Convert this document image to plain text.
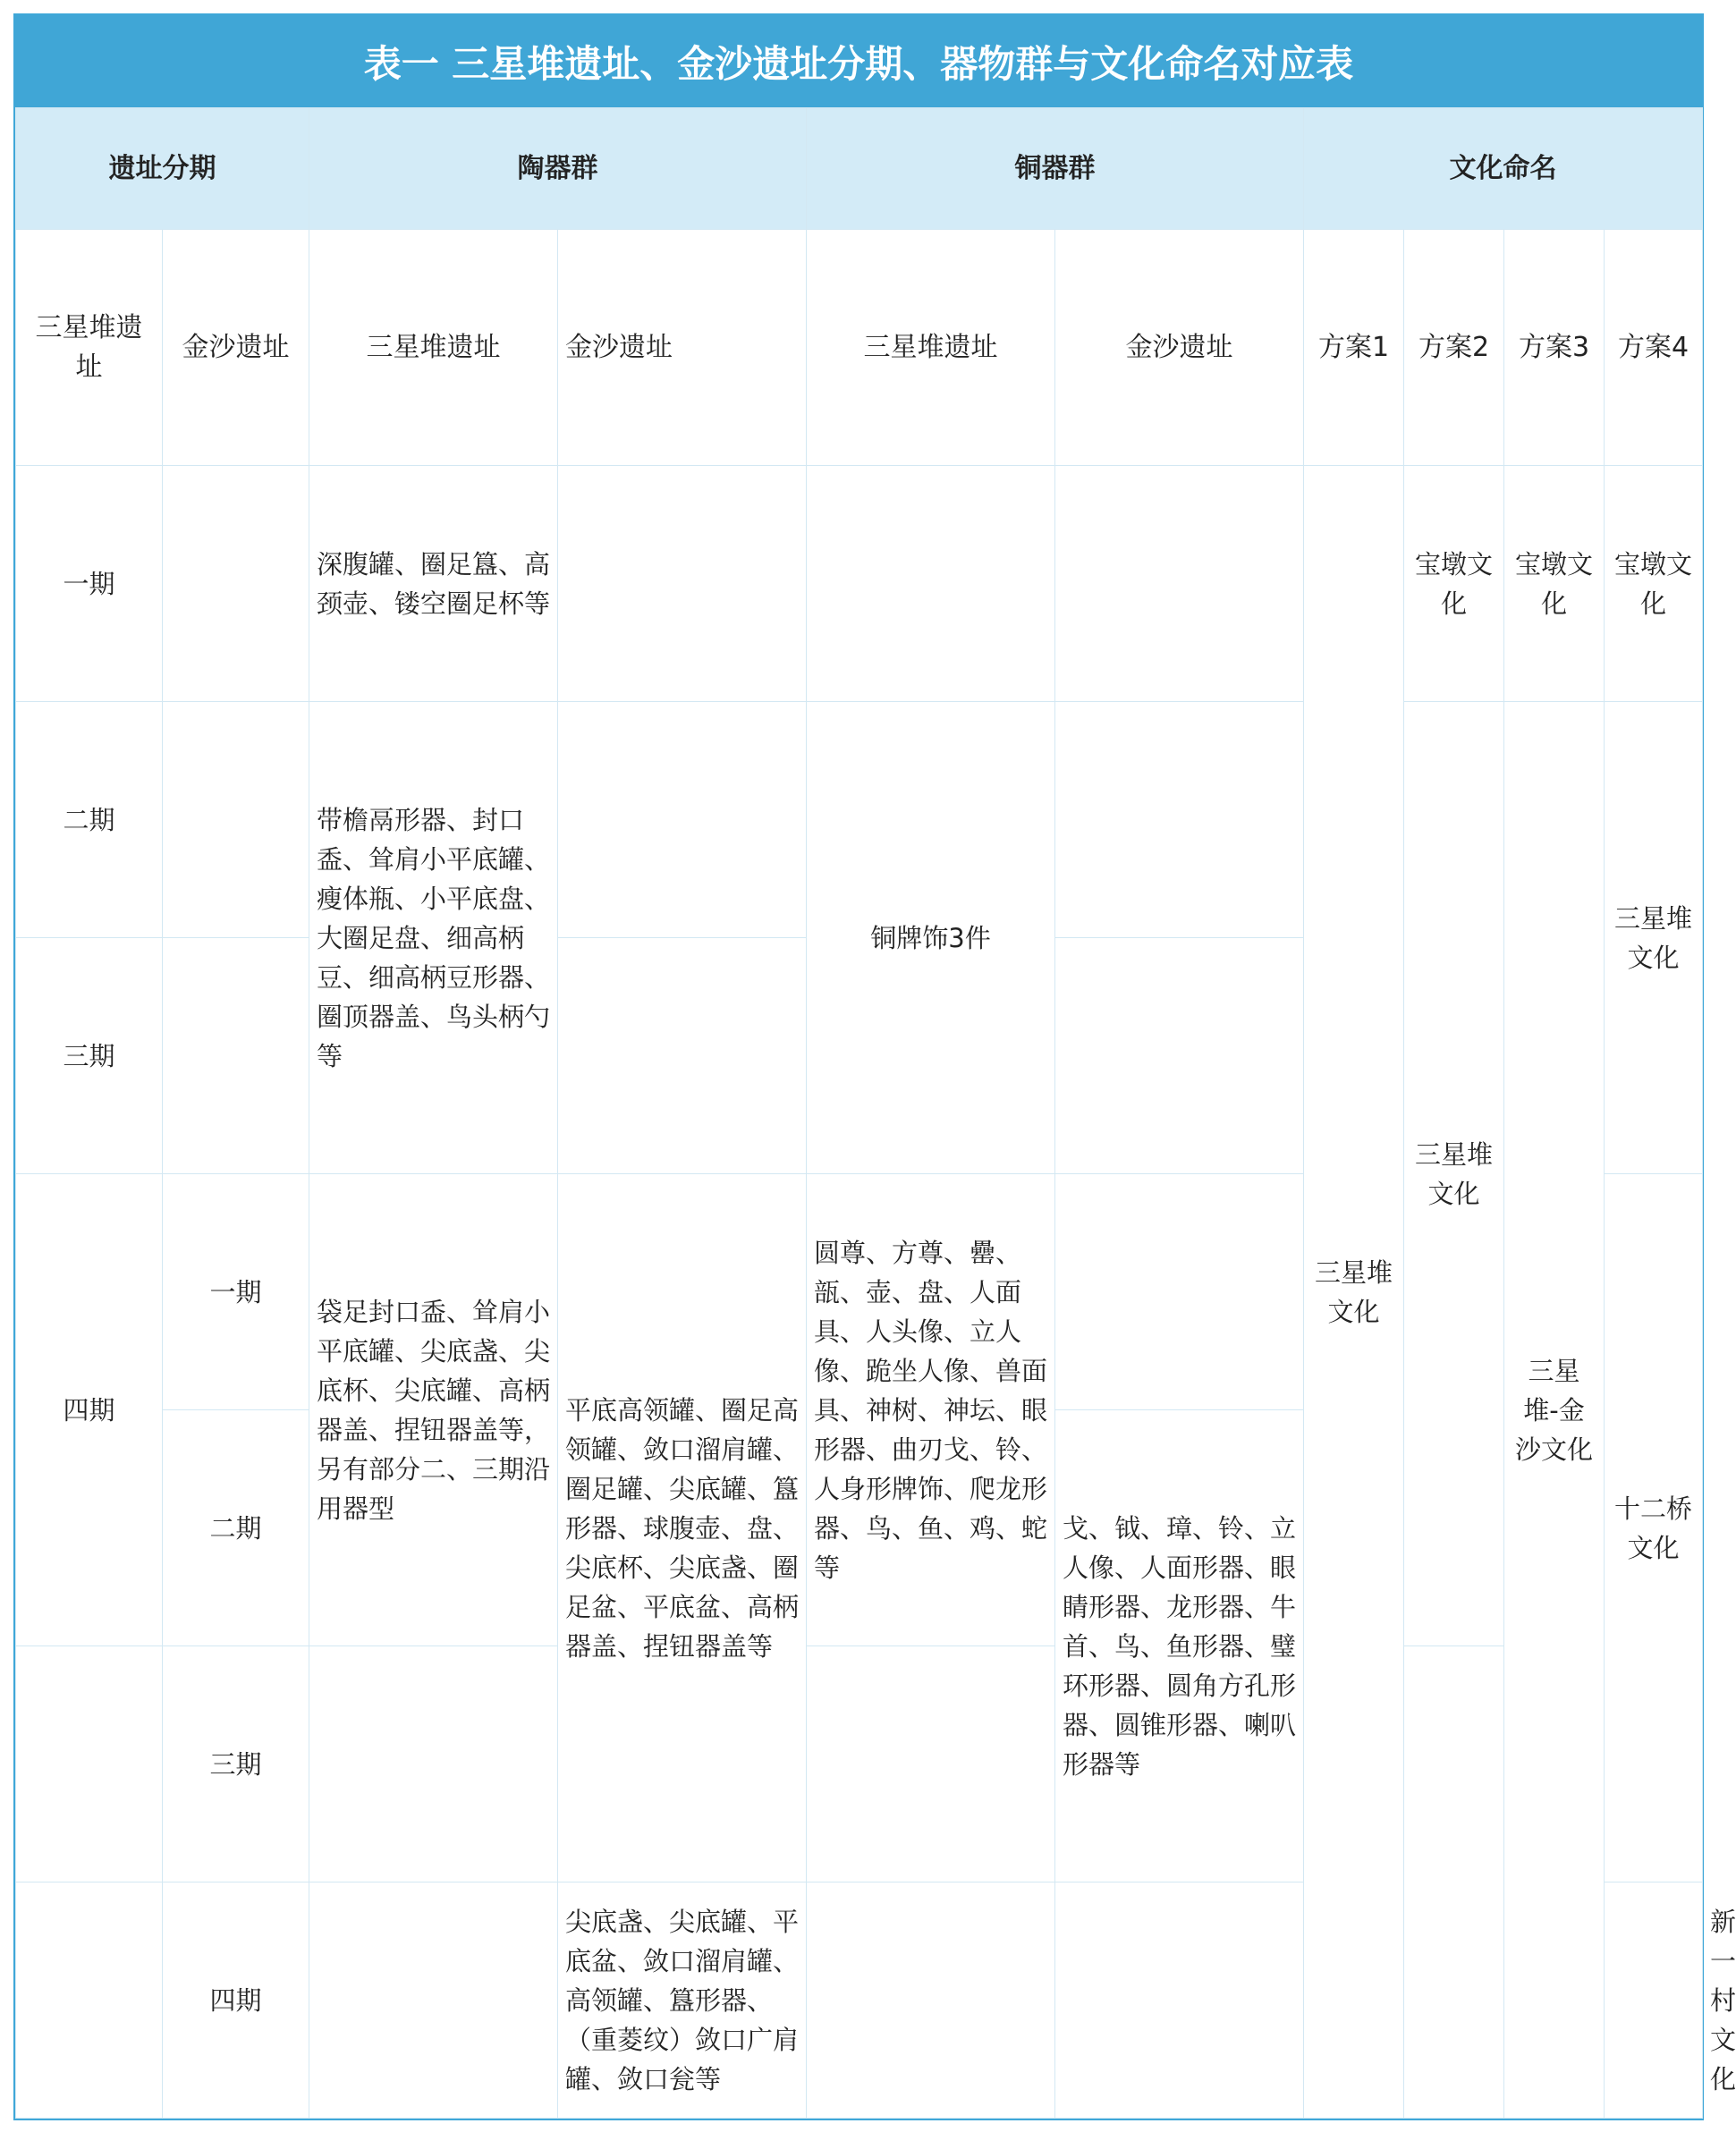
表一 三星堆遗址、金沙遗址分期、器物群与文化命名对应表
遗址分期		陶器群		铜器群		文化命名				
三星堆遗址	金沙遗址	三星堆遗址	金沙遗址	三星堆遗址	金沙遗址	方案1	方案2	方案3	方案4	
一期		深腹罐、圈足簋、高颈壶、镂空圈足杯等				三星堆文化	宝墩文化	宝墩文化	宝墩文化	
二期		带檐鬲形器、封口盉、耸肩小平底罐、瘦体瓶、小平底盘、大圈足盘、细高柄豆、细高柄豆形器、圈顶器盖、鸟头柄勺等		铜牌饰3件			三星堆文化	三星堆-金沙文化	三星堆文化	
三期										
四期	一期	袋足封口盉、耸肩小平底罐、尖底盏、尖底杯、尖底罐、高柄器盖、捏钮器盖等，另有部分二、三期沿用器型	平底高领罐、圈足高领罐、敛口溜肩罐、圈足罐、尖底罐、簋形器、球腹壶、盘、尖底杯、尖底盏、圈足盆、平底盆、高柄器盖、捏钮器盖等	圆尊、方尊、罍、瓿、壶、盘、人面具、人头像、立人像、跪坐人像、兽面具、神树、神坛、眼形器、曲刃戈、铃、人身形牌饰、爬龙形器、鸟、鱼、鸡、蛇等					十二桥文化	
	二期				戈、钺、璋、铃、立人像、人面形器、眼睛形器、龙形器、牛首、鸟、鱼形器、璧环形器、圆角方孔形器、圆锥形器、喇叭形器等					
	三期									
	四期		尖底盏、尖底罐、平底盆、敛口溜肩罐、高领罐、簋形器、（重菱纹）敛口广肩罐、敛口瓮等							新一村文化
